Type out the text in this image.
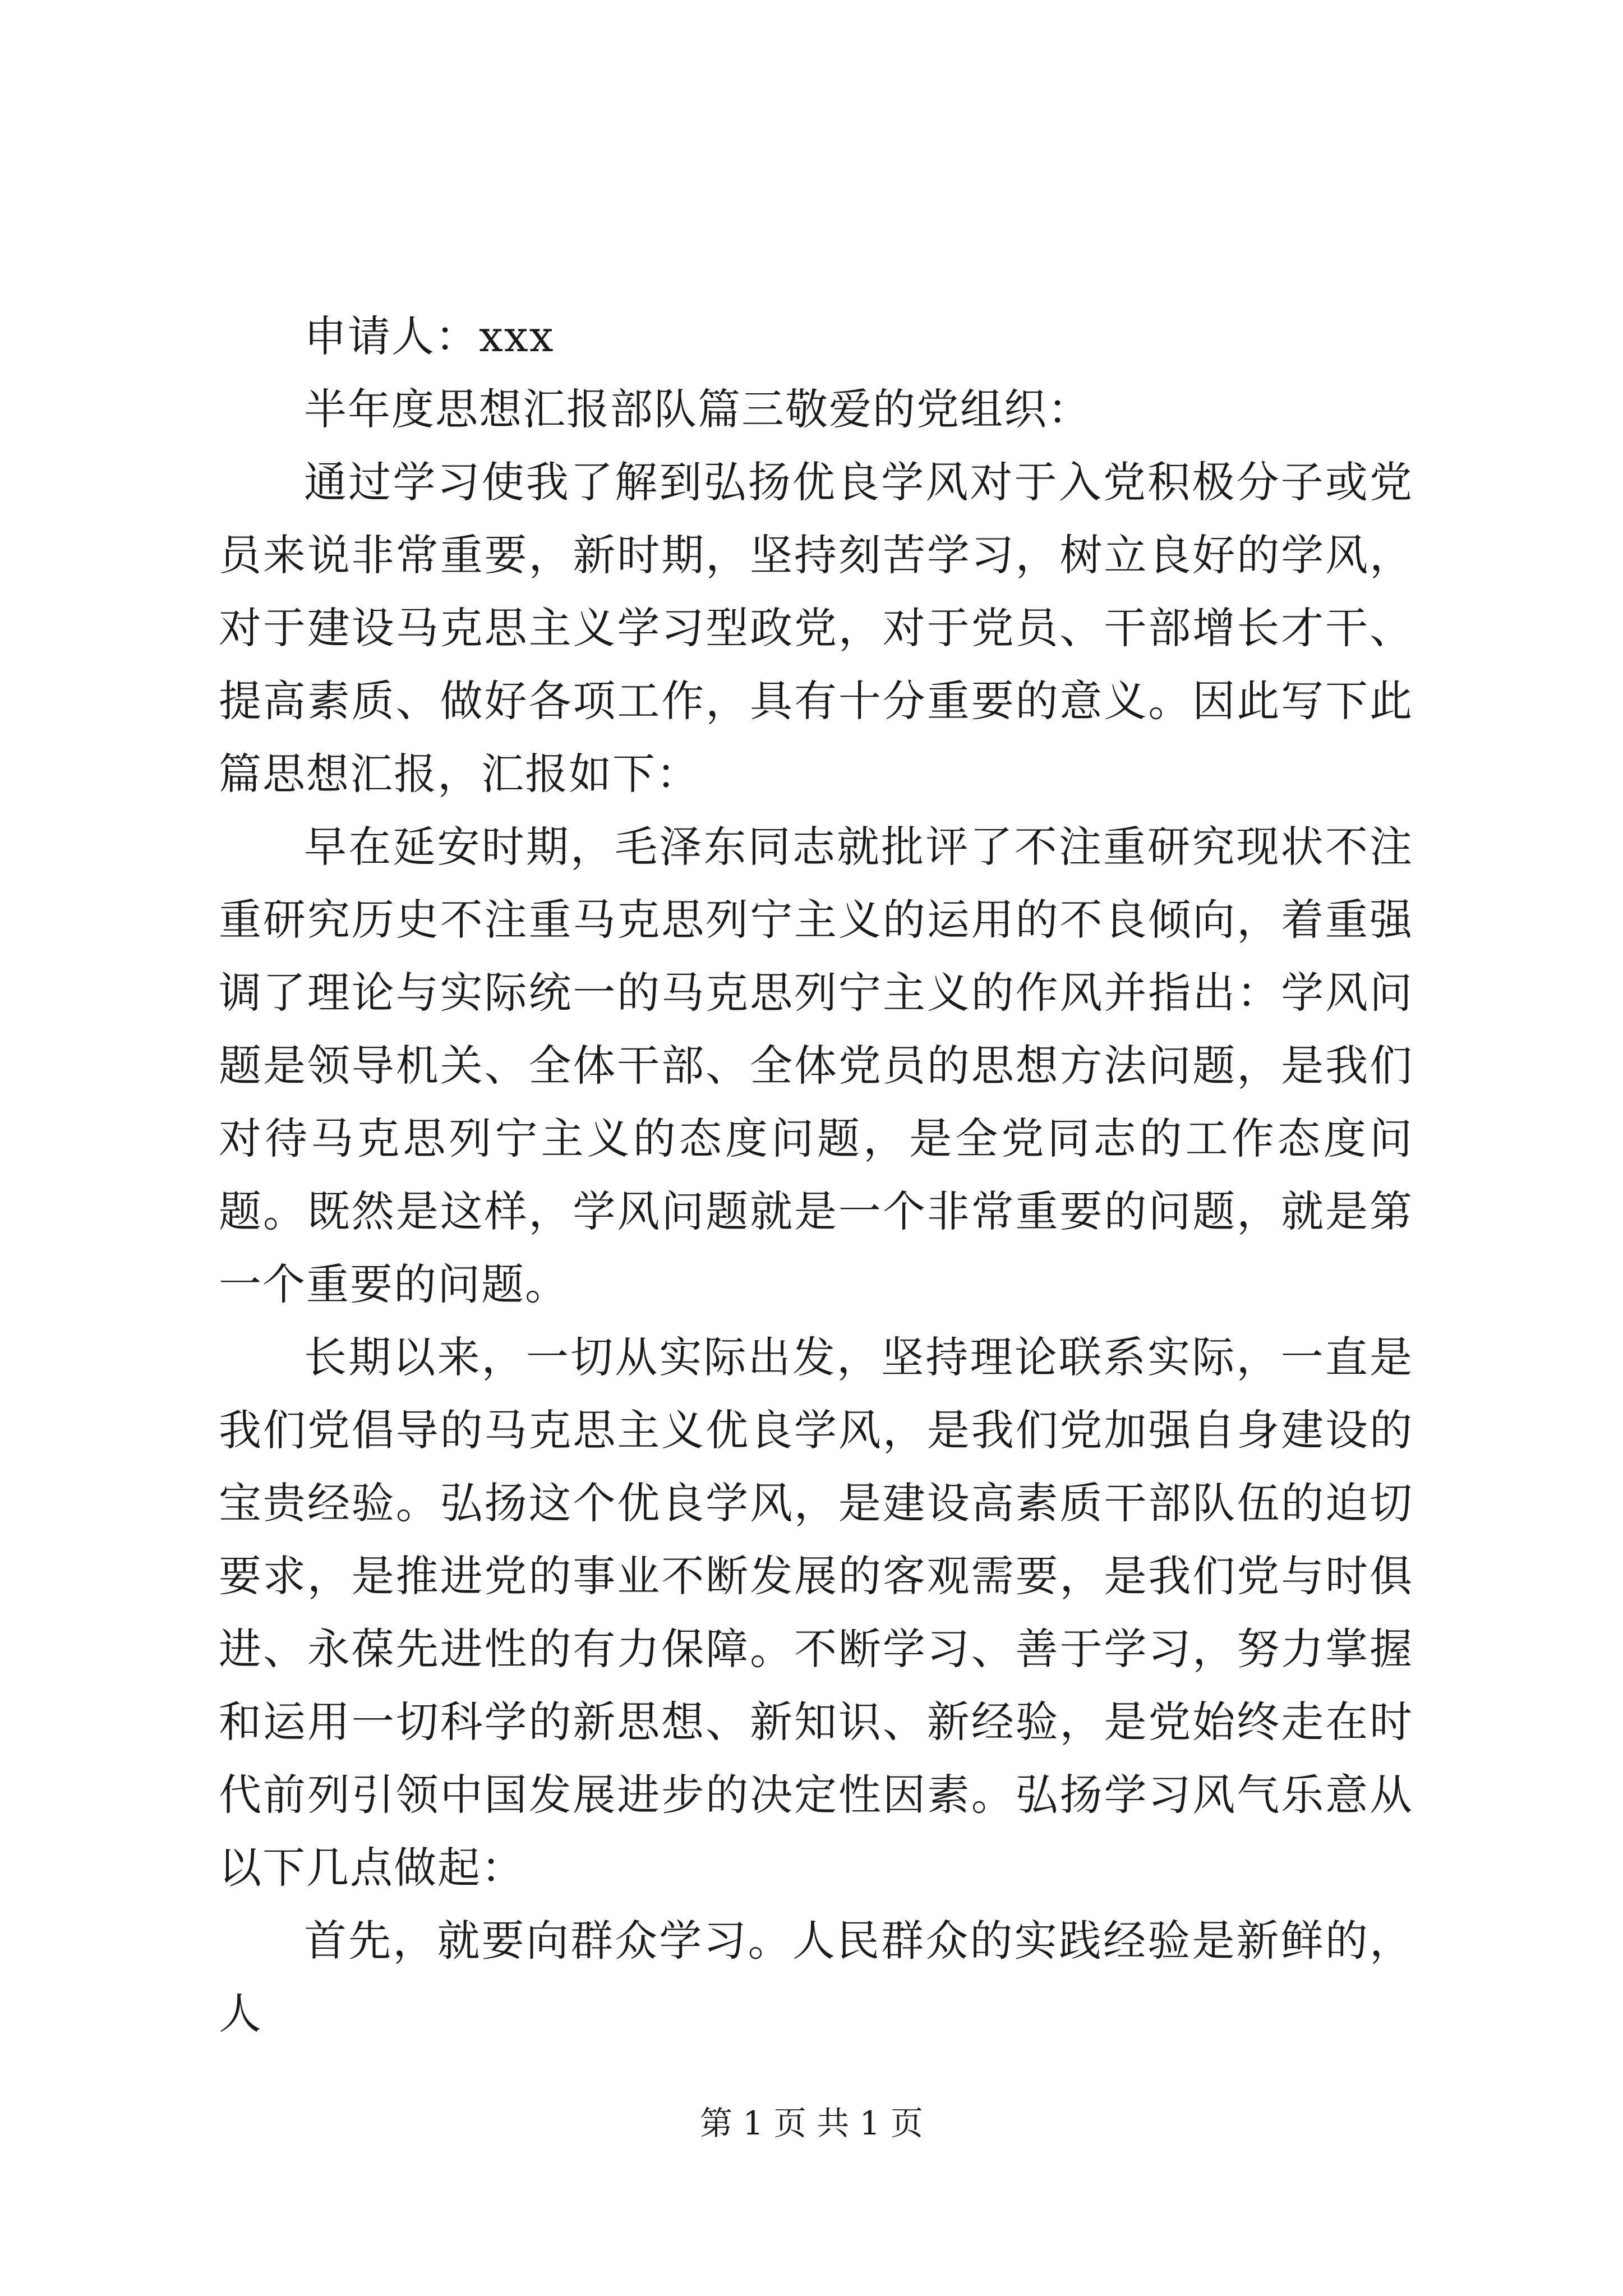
申请人：xxx

半年度思想汇报部队篇三敬爱的党组织：

通过学习使我了解到弘扬优良学风对于入党积极分子或党员来说非常重要，新时期，坚持刻苦学习，树立良好的学风，对于建设马克思主义学习型政党，对于党员、干部增长才干、提高素质、做好各项工作，具有十分重要的意义。因此写下此篇思想汇报，汇报如下：

早在延安时期，毛泽东同志就批评了不注重研究现状不注重研究历史不注重马克思列宁主义的运用的不良倾向，着重强调了理论与实际统一的马克思列宁主义的作风并指出：学风问题是领导机关、全体干部、全体党员的思想方法问题，是我们对待马克思列宁主义的态度问题，是全党同志的工作态度问题。既然是这样，学风问题就是一个非常重要的问题，就是第一个重要的问题。

长期以来，一切从实际出发，坚持理论联系实际，一直是我们党倡导的马克思主义优良学风，是我们党加强自身建设的宝贵经验。弘扬这个优良学风，是建设高素质干部队伍的迫切要求，是推进党的事业不断发展的客观需要，是我们党与时俱进、永葆先进性的有力保障。不断学习、善于学习，努力掌握和运用一切科学的新思想、新知识、新经验，是党始终走在时代前列引领中国发展进步的决定性因素。弘扬学习风气乐意从以下几点做起：

首先，就要向群众学习。人民群众的实践经验是新鲜的，人

第 1 页 共 1 页
